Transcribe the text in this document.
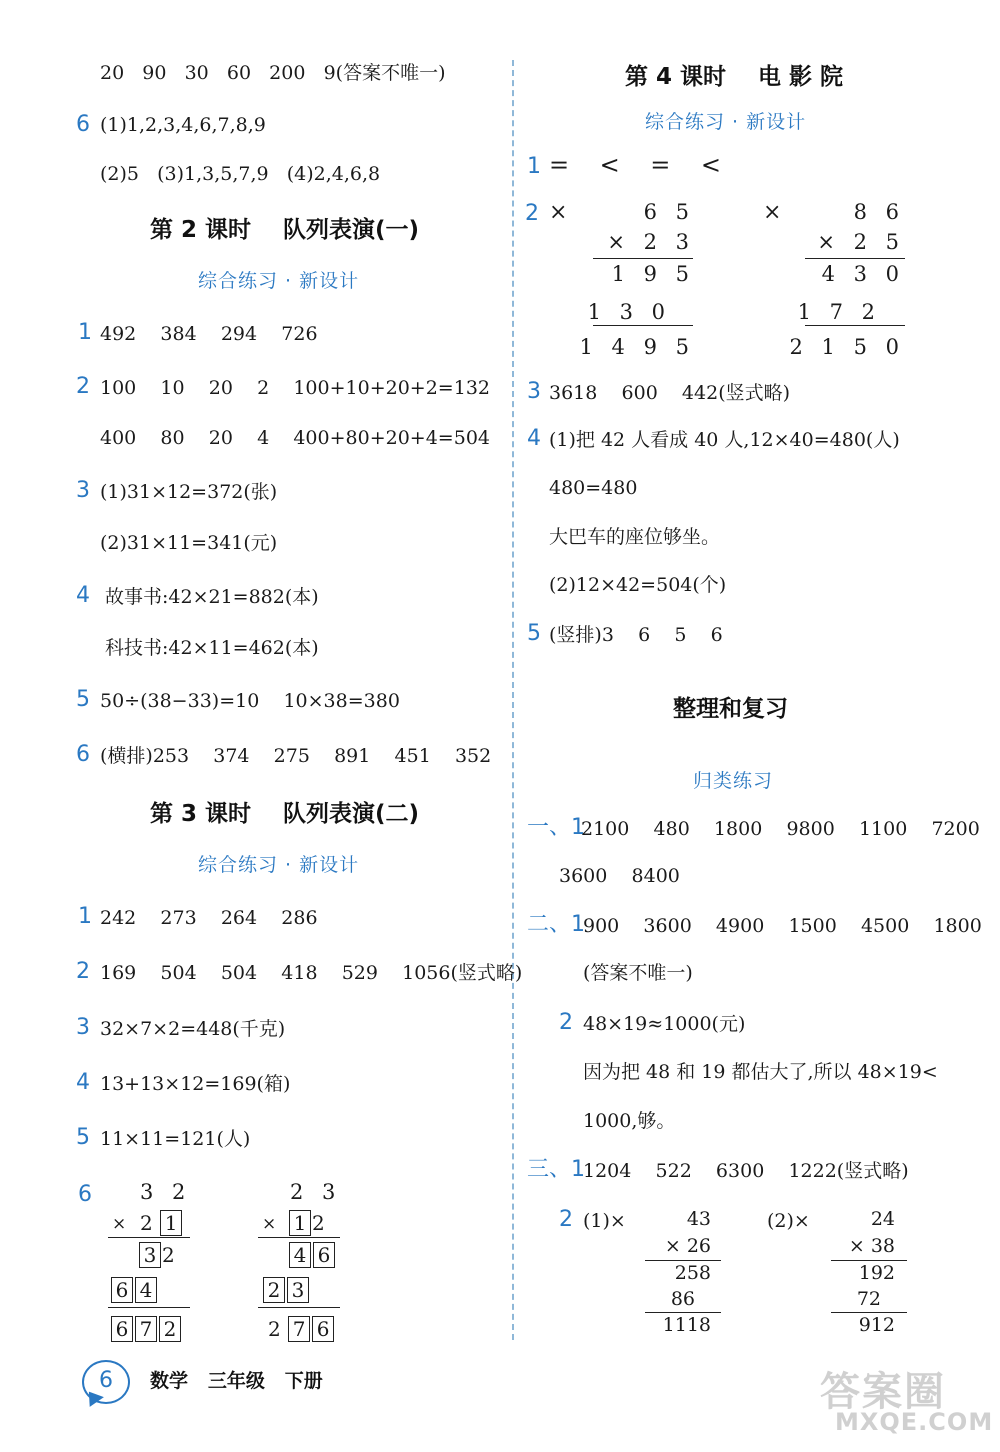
20   90   30   60   200   9(答案不唯一)
6 (1)1,2,3,4,6,7,8,9
(2)5   (3)1,3,5,7,9   (4)2,4,6,8
第 2 课时    队列表演(一)
综合练习 · 新设计
1 492    384    294    726
2 100    10    20    2    100+10+20+2=132
400    80    20    4    400+80+20+4=504
3 (1)31×12=372(张)
(2)31×11=341(元)
4 故事书:42×21=882(本)
科技书:42×11=462(本)
5 50÷(38−33)=10    10×38=380
6 (横排)253    374    275    891    451    352
第 3 课时    队列表演(二)
综合练习 · 新设计
1 242    273    264    286
2 169    504    504    418    529    1056(竖式略)
3 32×7×2=448(千克)
4 13+13×12=169(箱)
5 11×11=121(人)
6 3 2
× 2 1
3 2
6 4
6 7 2
2 3
× 1 2
4 6
2 3
2 7 6
第 4 课时    电 影 院
综合练习 · 新设计
1 =    <    =    <
2 ×	×
6 5
× 2 3
1 9 5
1 3 0
1 4 9 5
8 6
× 2 5
4 3 0
1 7 2
2 1 5 0
3 3618    600    442(竖式略)
4 (1)把 42 人看成 40 人,12×40=480(人)
480=480
大巴车的座位够坐。
(2)12×42=504(个)
5 (竖排)3    6    5    6
整理和复习
归类练习
一、1
2100    480    1800    9800    1100    7200
3600    8400
二、1
900    3600    4900    1500    4500    1800
(答案不唯一)
2 48×19≈1000(元)
因为把 48 和 19 都估大了,所以 48×19<
1000,够。
三、1
1204    522    6300    1222(竖式略)
2 (1)×	(2)×
43
× 26
258
86
1118
24
× 38
192
72
912
6	数学   三年级   下册	答案圈
MXQE.COM
